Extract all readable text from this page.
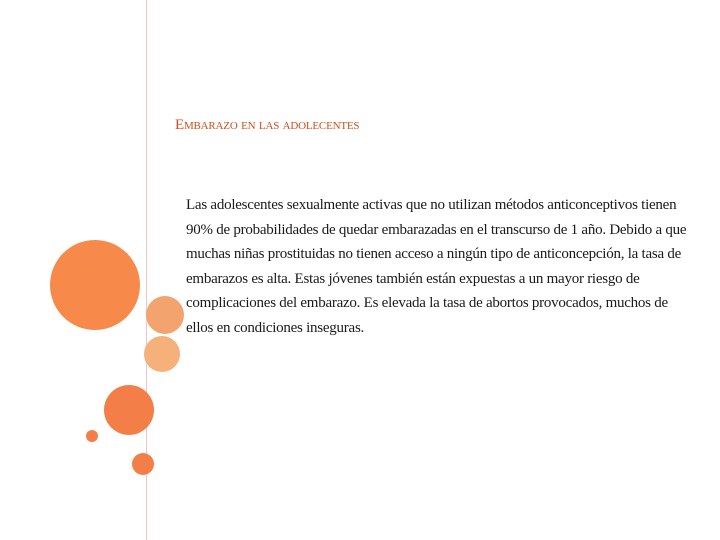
Embarazo en las adolecentes
Las adolescentes sexualmente activas que no utilizan métodos anticonceptivos tienen 90% de probabilidades de quedar embarazadas en el transcurso de 1 año. Debido a que muchas niñas prostituidas no tienen acceso a ningún tipo de anticoncepción, la tasa de embarazos es alta. Estas jóvenes también están expuestas a un mayor riesgo de complicaciones del embarazo. Es elevada la tasa de abortos provocados, muchos de ellos en condiciones inseguras.
